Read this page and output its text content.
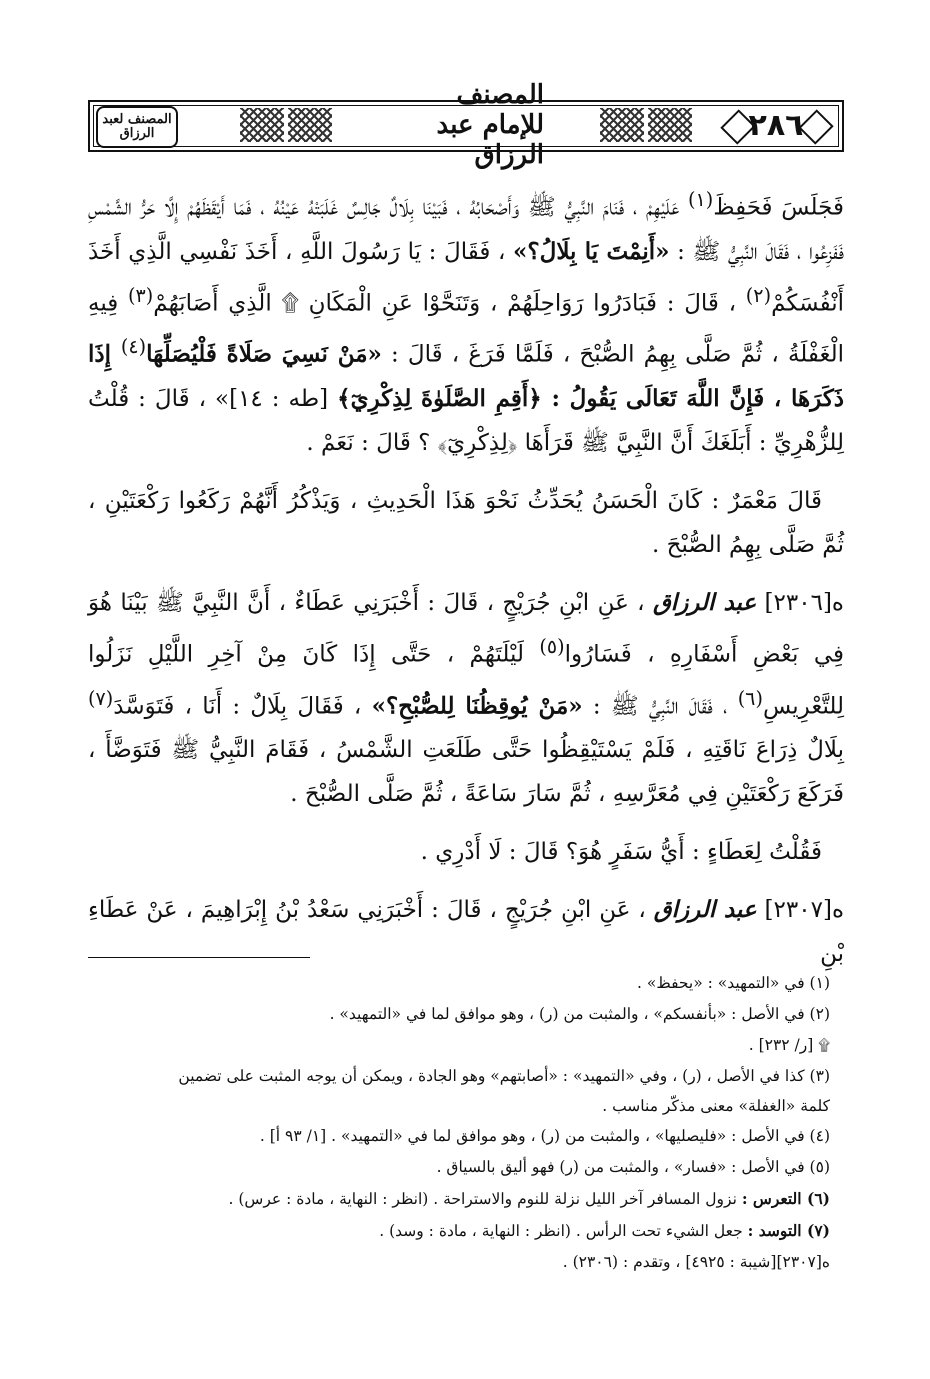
٢٨٦
المصنف للإمام عبد الرزاق
المصنف لعبد الرزاق

فَجَلَسَ فَحَفِظَ$^{(١)}$ عَلَيْهِمْ ، فَنَامَ النَّبِيُّ ﷺ وَأَصْحَابُهُ ، فَبَيْنَا بِلَالٌ جَالِسٌ غَلَبَتْهُ عَيْنُهُ ، فَمَا أَيْقَظَهُمْ إِلَّا حَرُّ الشَّمْسِ فَفَزِعُوا ، فَقَالَ النَّبِيُّ ﷺ : «أَنِمْتَ يَا بِلَالُ؟» ، فَقَالَ : يَا رَسُولَ اللَّهِ ، أَخَذَ نَفْسِي الَّذِي أَخَذَ أَنْفُسَكُمْ$^{(٢)}$ ، قَالَ : فَبَادَرُوا رَوَاحِلَهُمْ ، وَتَنَحَّوْا عَنِ الْمَكَانِ ۩ الَّذِي أَصَابَهُمْ$^{(٣)}$ فِيهِ الْغَفْلَةُ ، ثُمَّ صَلَّى بِهِمُ الصُّبْحَ ، فَلَمَّا فَرَغَ ، قَالَ : «مَنْ نَسِيَ صَلَاةً فَلْيُصَلِّهَا$^{(٤)}$ إِذَا ذَكَرَهَا ، فَإِنَّ اللَّهَ تَعَالَى يَقُولُ : ﴿أَقِمِ الصَّلَوٰةَ لِذِكْرِيٓ﴾ [طه : ١٤]» ، قَالَ : قُلْتُ لِلزُّهْرِيِّ : أَبَلَغَكَ أَنَّ النَّبِيَّ ﷺ قَرَأَهَا ﴿لِذِكْرِيٓ﴾ ؟ قَالَ : نَعَمْ .

قَالَ مَعْمَرٌ : كَانَ الْحَسَنُ يُحَدِّثُ نَحْوَ هَذَا الْحَدِيثِ ، وَيَذْكُرُ أَنَّهُمْ رَكَعُوا رَكْعَتَيْنِ ، ثُمَّ صَلَّى بِهِمُ الصُّبْحَ .

ه[٢٣٠٦] عبد الرزاق ، عَنِ ابْنِ جُرَيْجٍ ، قَالَ : أَخْبَرَنِي عَطَاءٌ ، أَنَّ النَّبِيَّ ﷺ بَيْنَا هُوَ فِي بَعْضِ أَسْفَارِهِ ، فَسَارُوا$^{(٥)}$ لَيْلَتَهُمْ ، حَتَّى إِذَا كَانَ مِنْ آخِرِ اللَّيْلِ نَزَلُوا لِلتَّعْرِيسِ$^{(٦)}$ ، فَقَالَ النَّبِيُّ ﷺ : «مَنْ يُوقِظُنَا لِلصُّبْحِ؟» ، فَقَالَ بِلَالٌ : أَنَا ، فَتَوَسَّدَ$^{(٧)}$ بِلَالٌ ذِرَاعَ نَاقَتِهِ ، فَلَمْ يَسْتَيْقِظُوا حَتَّى طَلَعَتِ الشَّمْسُ ، فَقَامَ النَّبِيُّ ﷺ فَتَوَضَّأَ ، فَرَكَعَ رَكْعَتَيْنِ فِي مُعَرَّسِهِ ، ثُمَّ سَارَ سَاعَةً ، ثُمَّ صَلَّى الصُّبْحَ .

فَقُلْتُ لِعَطَاءٍ : أَيُّ سَفَرٍ هُوَ؟ قَالَ : لَا أَدْرِي .

ه[٢٣٠٧] عبد الرزاق ، عَنِ ابْنِ جُرَيْجٍ ، قَالَ : أَخْبَرَنِي سَعْدُ بْنُ إِبْرَاهِيمَ ، عَنْ عَطَاءِ بْنِ

(١) في «التمهيد» : «يحفظ» .

(٢) في الأصل : «بأنفسكم» ، والمثبت من (ر) ، وهو موافق لما في «التمهيد» .

۩ [ر/ ٢٣٢] .

(٣) كذا في الأصل ، (ر) ، وفي «التمهيد» : «أصابتهم» وهو الجادة ، ويمكن أن يوجه المثبت على تضمين
كلمة «الغفلة» معنى مذكّر مناسب .

(٤) في الأصل : «فليصليها» ، والمثبت من (ر) ، وهو موافق لما في «التمهيد» . [١/ ٩٣ أ] .

(٥) في الأصل : «فسار» ، والمثبت من (ر) فهو أليق بالسياق .

(٦) التعرس : نزول المسافر آخر الليل نزلة للنوم والاستراحة . (انظر : النهاية ، مادة : عرس) .

(٧) التوسد : جعل الشيء تحت الرأس . (انظر : النهاية ، مادة : وسد) .

ه[٢٣٠٧][شيبة : ٤٩٢٥] ، وتقدم : (٢٣٠٦) .
